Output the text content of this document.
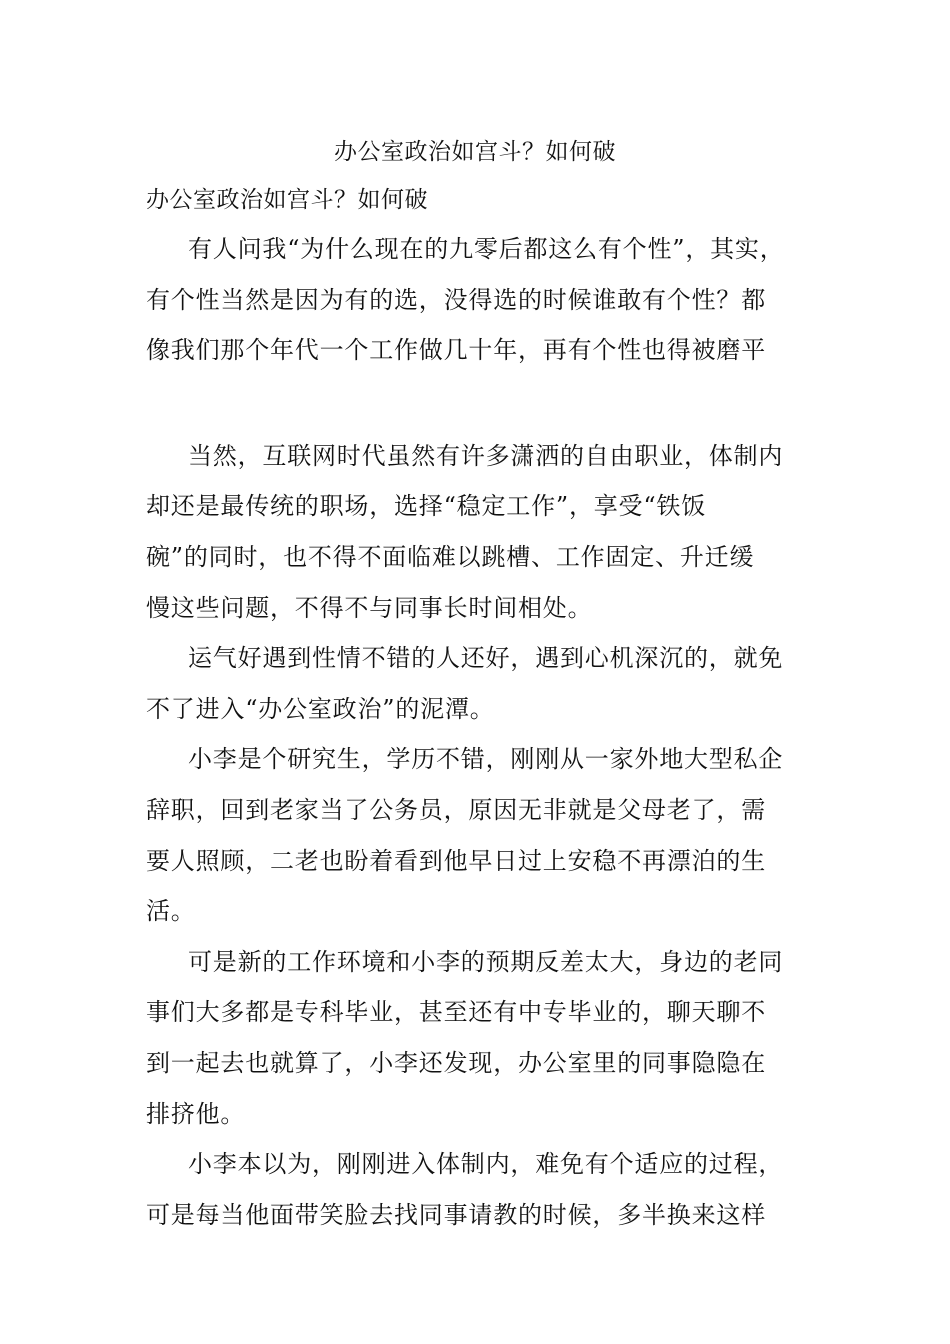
办公室政治如宫斗？如何破
办公室政治如宫斗？如何破
有人问我“为什么现在的九零后都这么有个性”，其实，
有个性当然是因为有的选，没得选的时候谁敢有个性？都
像我们那个年代一个工作做几十年，再有个性也得被磨平
当然，互联网时代虽然有许多潇洒的自由职业，体制内
却还是最传统的职场，选择“稳定工作”，享受“铁饭
碗”的同时，也不得不面临难以跳槽、工作固定、升迁缓
慢这些问题，不得不与同事长时间相处。
运气好遇到性情不错的人还好，遇到心机深沉的，就免
不了进入“办公室政治”的泥潭。
小李是个研究生，学历不错，刚刚从一家外地大型私企
辞职，回到老家当了公务员，原因无非就是父母老了，需
要人照顾，二老也盼着看到他早日过上安稳不再漂泊的生
活。
可是新的工作环境和小李的预期反差太大，身边的老同
事们大多都是专科毕业，甚至还有中专毕业的，聊天聊不
到一起去也就算了，小李还发现，办公室里的同事隐隐在
排挤他。
小李本以为，刚刚进入体制内，难免有个适应的过程，
可是每当他面带笑脸去找同事请教的时候，多半换来这样
